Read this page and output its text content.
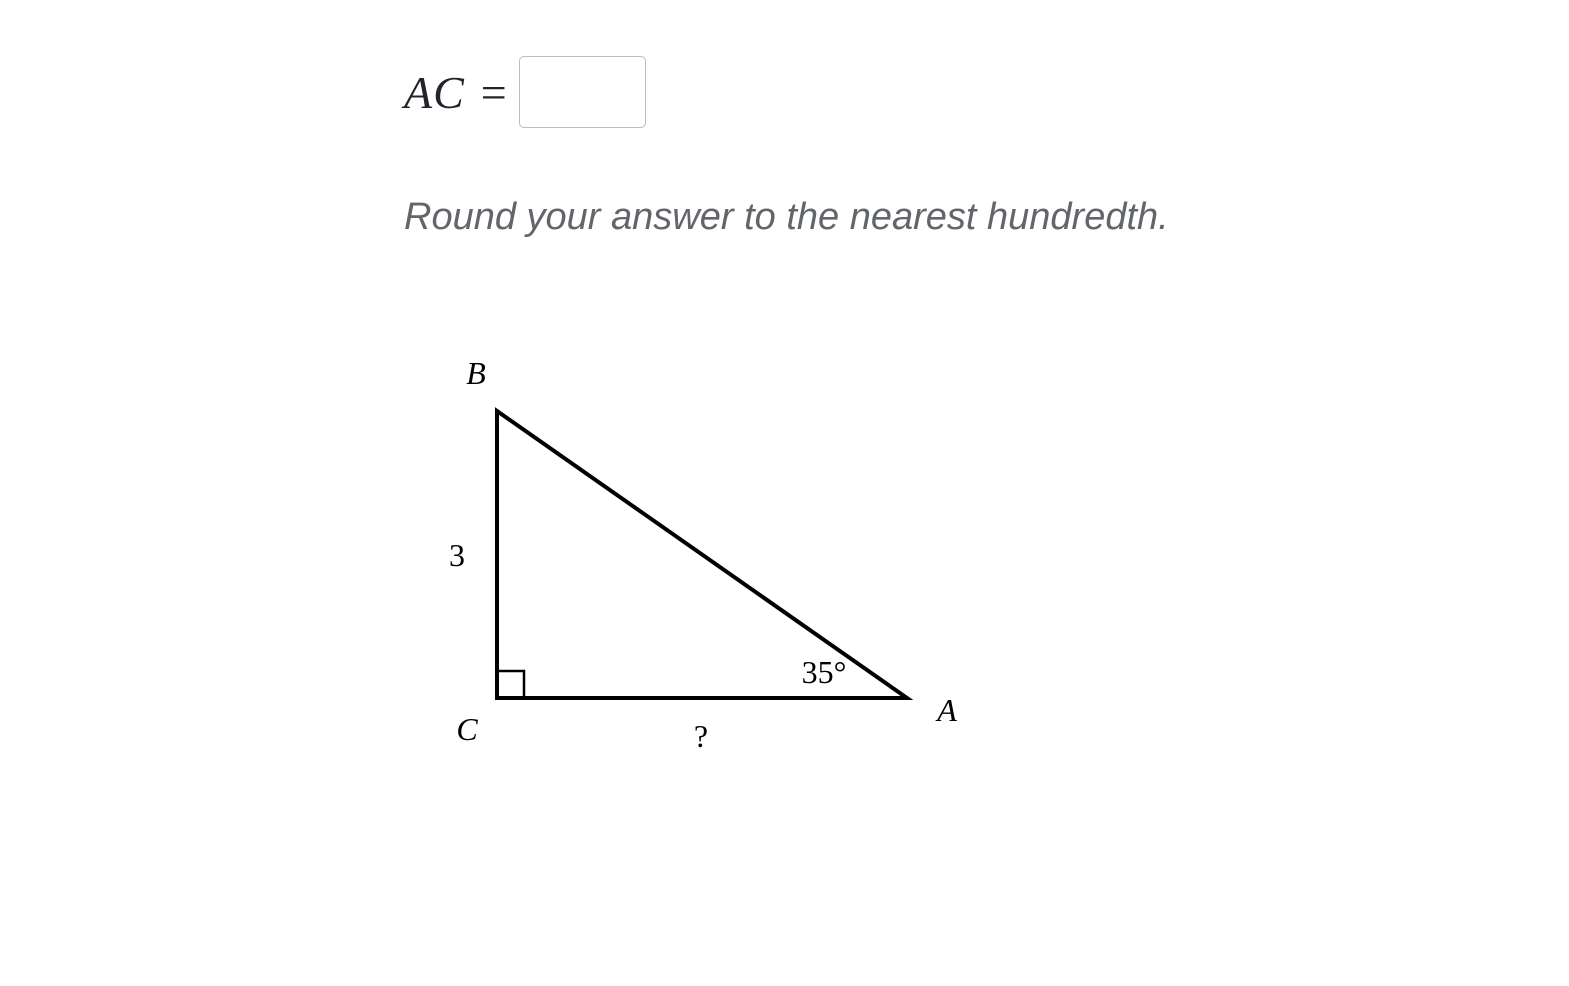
AC =

Round your answer to the nearest hundredth.

B
C
A
3
?
35°
